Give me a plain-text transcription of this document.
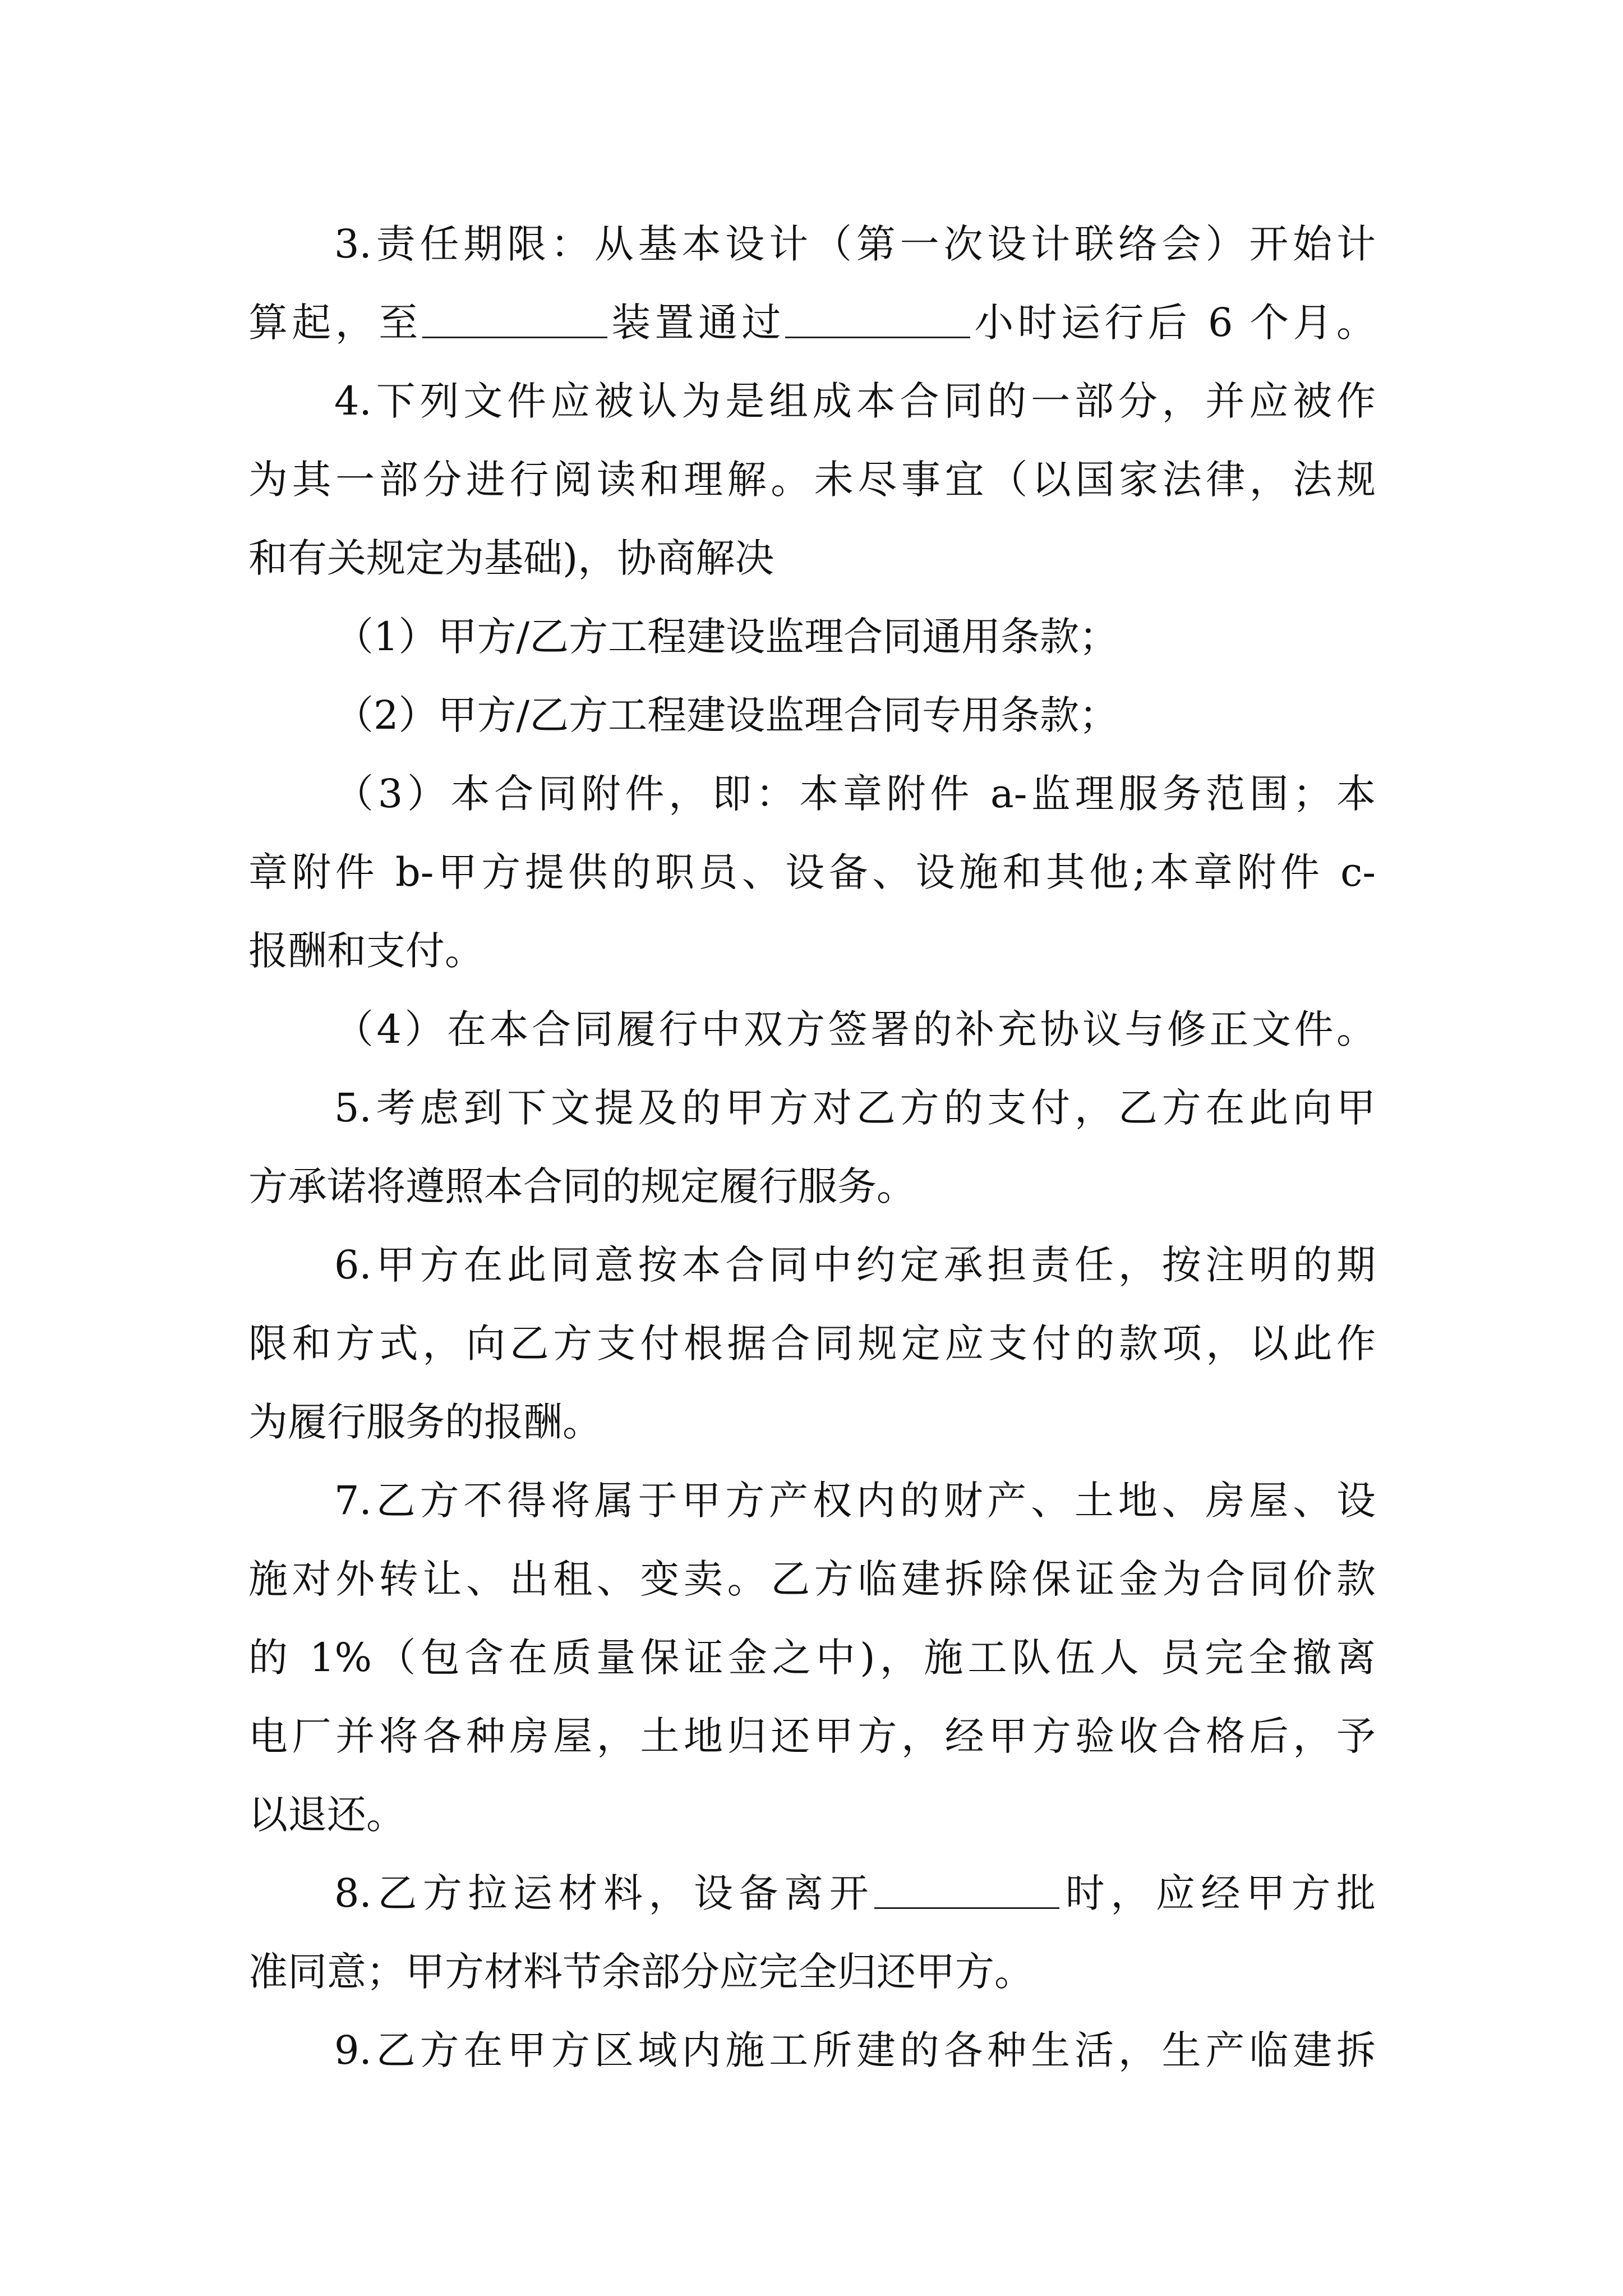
3.责任期限：从基本设计（第一次设计联络会）开始计
算起，至	装置通过	小时运行后 6 个月。
4.下列文件应被认为是组成本合同的一部分，并应被作
为其一部分进行阅读和理解。未尽事宜（以国家法律，法规
和有关规定为基础)，协商解决
（1）甲方/乙方工程建设监理合同通用条款；
（2）甲方/乙方工程建设监理合同专用条款；
（3）本合同附件，即：本章附件 a-监理服务范围；本
章附件 b-甲方提供的职员、设备、设施和其他;本章附件 c-
报酬和支付。
（4）在本合同履行中双方签署的补充协议与修正文件。
5.考虑到下文提及的甲方对乙方的支付，乙方在此向甲
方承诺将遵照本合同的规定履行服务。
6.甲方在此同意按本合同中约定承担责任，按注明的期
限和方式，向乙方支付根据合同规定应支付的款项，以此作
为履行服务的报酬。
7.乙方不得将属于甲方产权内的财产、土地、房屋、设
施对外转让、出租、变卖。乙方临建拆除保证金为合同价款
的 1%（包含在质量保证金之中)，施工队伍人 员完全撤离
电厂并将各种房屋，土地归还甲方，经甲方验收合格后，予
以退还。
8.乙方拉运材料，设备离开	时，应经甲方批
准同意；甲方材料节余部分应完全归还甲方。
9.乙方在甲方区域内施工所建的各种生活，生产临建拆
